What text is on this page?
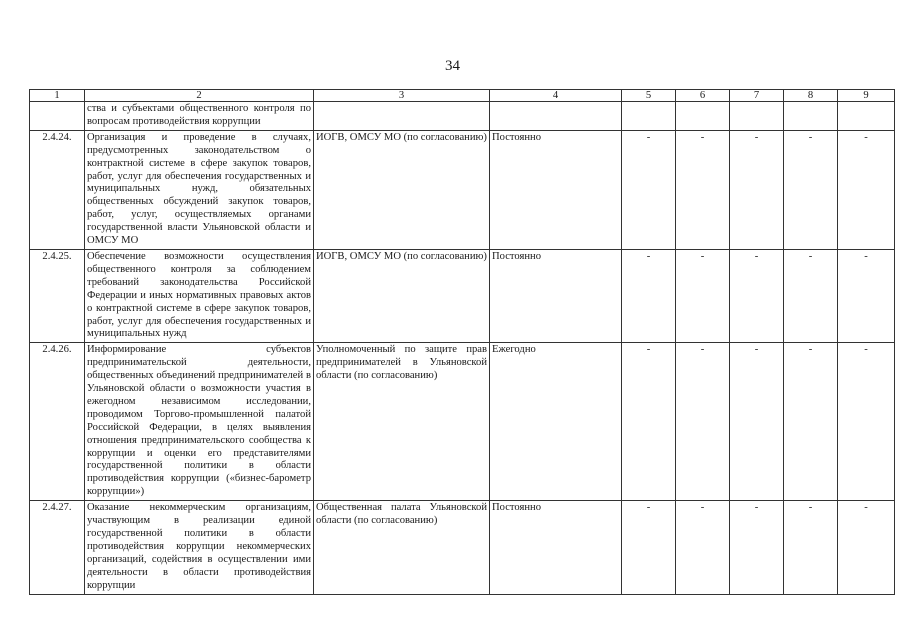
34
1	2	3	4	5	6	7	8	9
	ства и субъектами общественного контроля по вопросам противодействия коррупции							
2.4.24.	Организация и проведение в случаях, предусмотренных законодательством о контрактной системе в сфере закупок товаров, работ, услуг для обеспечения государственных и муниципальных нужд, обязательных общественных обсуждений закупок товаров, работ, услуг, осуществляемых органами государственной власти Ульяновской области и ОМСУ МО	ИОГВ, ОМСУ МО (по согласованию)	Постоянно	-	-	-	-	-
2.4.25.	Обеспечение возможности осуществления общественного контроля за соблюдением требований законодательства Российской Федерации и иных нормативных правовых актов о контрактной системе в сфере закупок товаров, работ, услуг для обеспечения государственных и муниципальных нужд	ИОГВ, ОМСУ МО (по согласованию)	Постоянно	-	-	-	-	-
2.4.26.	Информирование субъектов предпринимательской деятельности, общественных объединений предпринимателей в Ульяновской области о возможности участия в ежегодном независимом исследовании, проводимом Торгово-промышленной палатой Российской Федерации, в целях выявления отношения предпринимательского сообщества к коррупции и оценки его представителями государственной политики в области противодействия коррупции («бизнес-барометр коррупции»)	Уполномоченный по защите прав предпринимателей в Ульяновской области (по согласованию)	Ежегодно	-	-	-	-	-
2.4.27.	Оказание некоммерческим организациям, участвующим в реализации единой государственной политики в области противодействия коррупции некоммерческих организаций, содействия в осуществлении ими деятельности в области противодействия коррупции	Общественная палата Ульяновской области (по согласованию)	Постоянно	-	-	-	-	-
